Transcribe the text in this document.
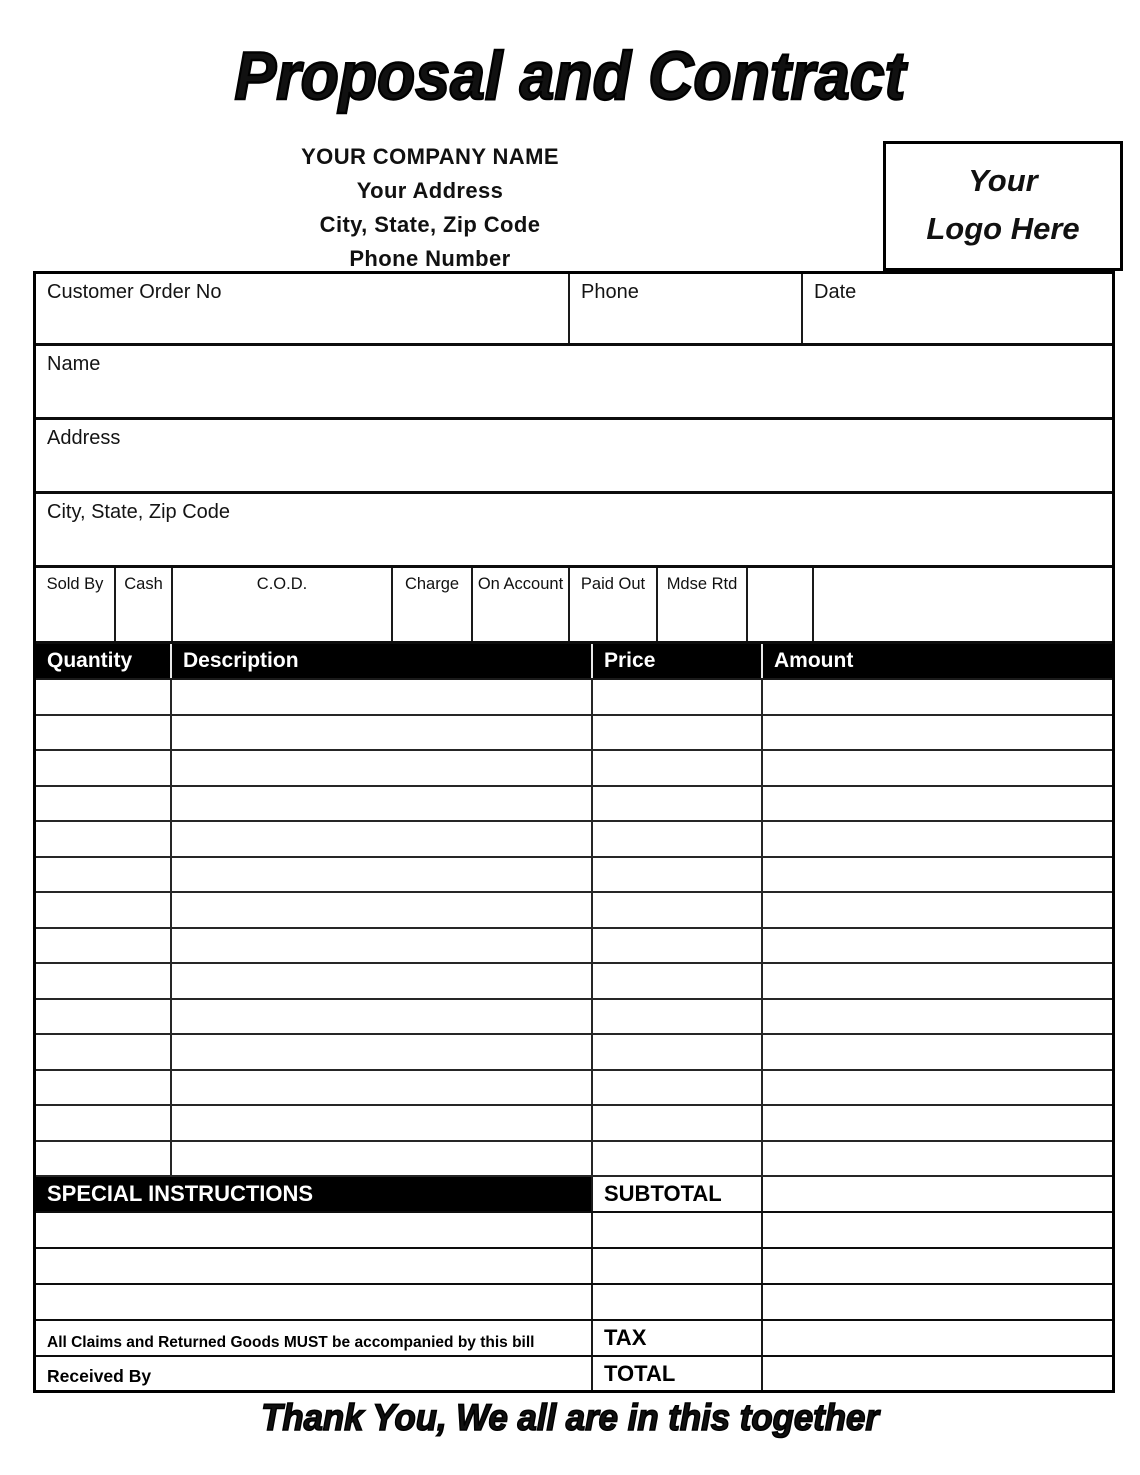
Proposal and Contract
YOUR COMPANY NAME
Your Address
City, State, Zip Code
Phone Number
Your
Logo Here
Customer Order No	Phone	Date
Name
Address
City, State, Zip Code
Sold By	Cash	C.O.D.	Charge	On Account	Paid Out	Mdse Rtd
Quantity	Description	Price	Amount
SPECIAL INSTRUCTIONS	SUBTOTAL
All Claims and Returned Goods MUST be accompanied by this bill	TAX
Received By	TOTAL
Thank You, We all are in this together
